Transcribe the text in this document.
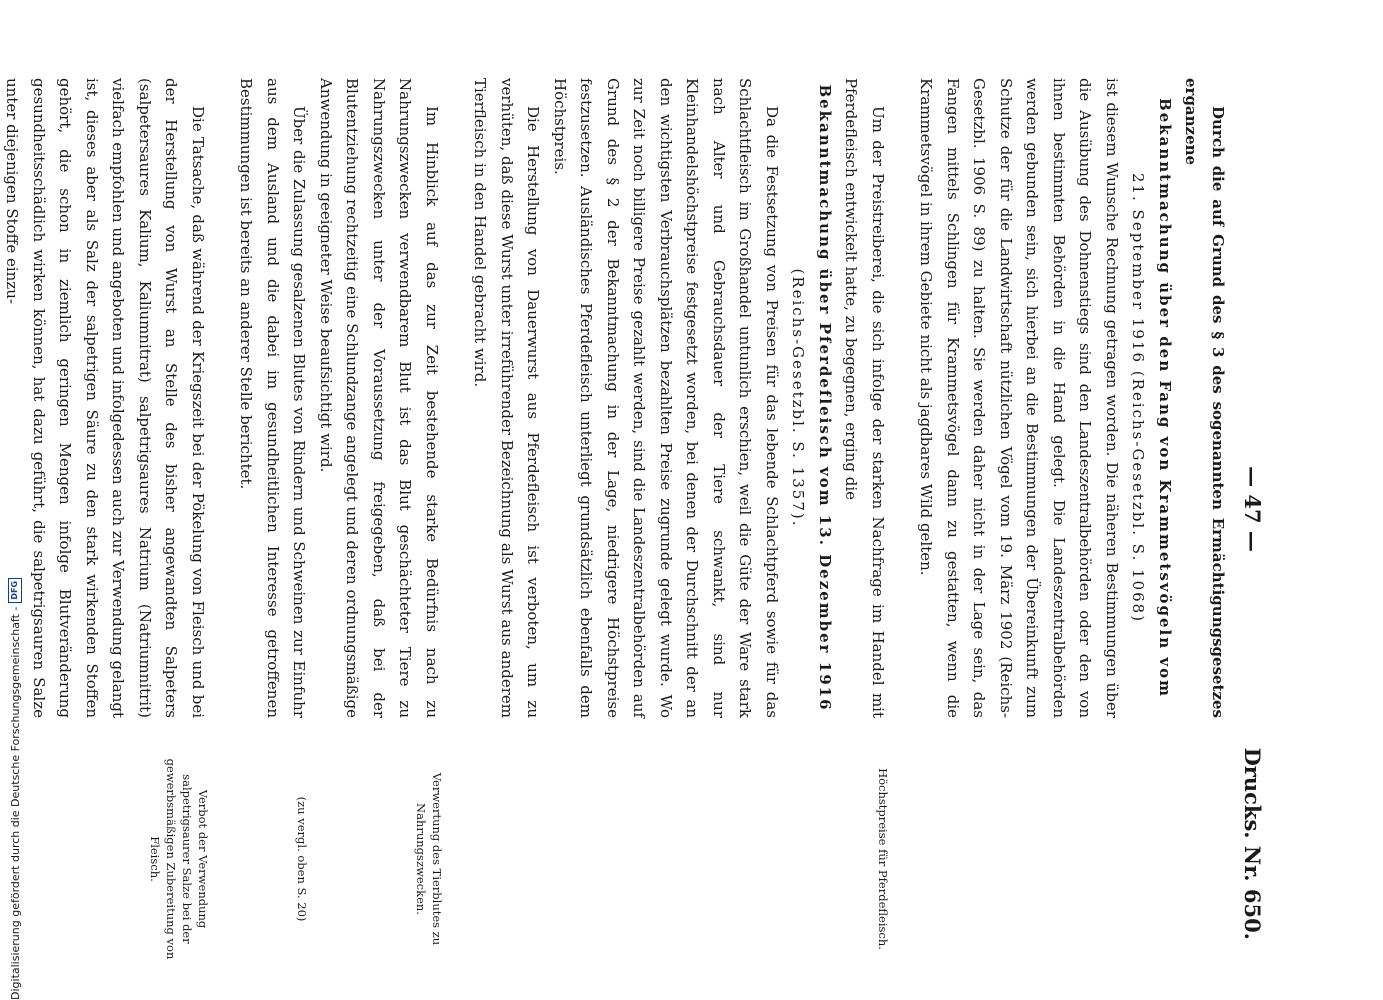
— 47 —
Drucks. Nr. 650.

Durch die auf Grund des § 3 des sogenannten Ermächtigungsgesetzes erganzene

Bekanntmachung über den Fang von Krammetsvögeln vom

21. September 1916 (Reichs-Gesetzbl. S. 1068)

ist diesem Wunsche Rechnung getragen worden. Die näheren Bestimmungen über die Ausübung des Dohnenstiegs sind den Landeszentralbehörden oder den von ihnen bestimmten Behörden in die Hand gelegt. Die Landeszentralbehörden werden gebunden sein, sich hierbei an die Bestimmungen der Übereinkunft zum Schutze der für die Landwirtschaft nützlichen Vögel vom 19. März 1902 (Reichs-Gesetzbl. 1906 S. 89) zu halten. Sie werden daher nicht in der Lage sein, das Fangen mittels Schlingen für Krammetsvögel dann zu gestatten, wenn die Krammetsvögel in ihrem Gebiete nicht als jagdbares Wild gelten.

Höchstpreise für Pferdefleisch.

Um der Preistreiberei, die sich infolge der starken Nachfrage im Handel mit Pferdefleisch entwickelt hatte, zu begegnen, erging die

Bekanntmachung über Pferdefleisch vom 13. Dezember 1916

(Reichs-Gesetzbl. S. 1357).

Da die Festsetzung von Preisen für das lebende Schlachtpferd sowie für das Schlachtfleisch im Großhandel untunlich erschien, weil die Güte der Ware stark nach Alter und Gebrauchsdauer der Tiere schwankt, sind nur Kleinhandelshöchstpreise festgesetzt worden, bei denen der Durchschnitt der an den wichtigsten Verbrauchsplätzen bezahlten Preise zugrunde gelegt wurde. Wo zur Zeit noch billigere Preise gezahlt werden, sind die Landeszentralbehörden auf Grund des § 2 der Bekanntmachung in der Lage, niedrigere Höchstpreise festzusetzen. Ausländisches Pferdefleisch unterliegt grundsätzlich ebenfalls dem Höchstpreis.

Die Herstellung von Dauerwurst aus Pferdefleisch ist verboten, um zu verhüten, daß diese Wurst unter irreführender Bezeichnung als Wurst aus anderem Tierfleisch in den Handel gebracht wird.

Verwertung des Tierblutes zu Nahrungszwecken.
(zu vergl. oben S. 20)

Im Hinblick auf das zur Zeit bestehende starke Bedürfnis nach zu Nahrungszwecken verwendbarem Blut ist das Blut geschächteter Tiere zu Nahrungszwecken unter der Voraussetzung freigegeben, daß bei der Blutentziehung rechtzeitig eine Schlundzange angelegt und deren ordnungsmäßige Anwendung in geeigneter Weise beaufsichtigt wird.

Über die Zulassung gesalzenen Blutes von Rindern und Schweinen zur Einfuhr aus dem Ausland und die dabei im gesundheitlichen Interesse getroffenen Bestimmungen ist bereits an anderer Stelle berichtet.

Verbot der Verwendung salpetrigsaurer Salze bei der gewerbsmäßigen Zubereitung von Fleisch.

Die Tatsache, daß während der Kriegszeit bei der Pökelung von Fleisch und bei der Herstellung von Wurst an Stelle des bisher angewandten Salpeters (salpetersaures Kalium, Kaliumnitrat) salpetrigsaures Natrium (Natriumnitrit) vielfach empfohlen und angeboten und infolgedessen auch zur Verwendung gelangt ist, dieses aber als Salz der salpetrigen Säure zu den stark wirkenden Stoffen gehört, die schon in ziemlich geringen Mengen infolge Blutveränderung gesundheitsschädlich wirken können, hat dazu geführt, die salpetrigsauren Salze unter diejenigen Stoffe einzu-

Digitalisierung gefördert durch die Deutsche Forschungsgemeinschaft -
DFG
